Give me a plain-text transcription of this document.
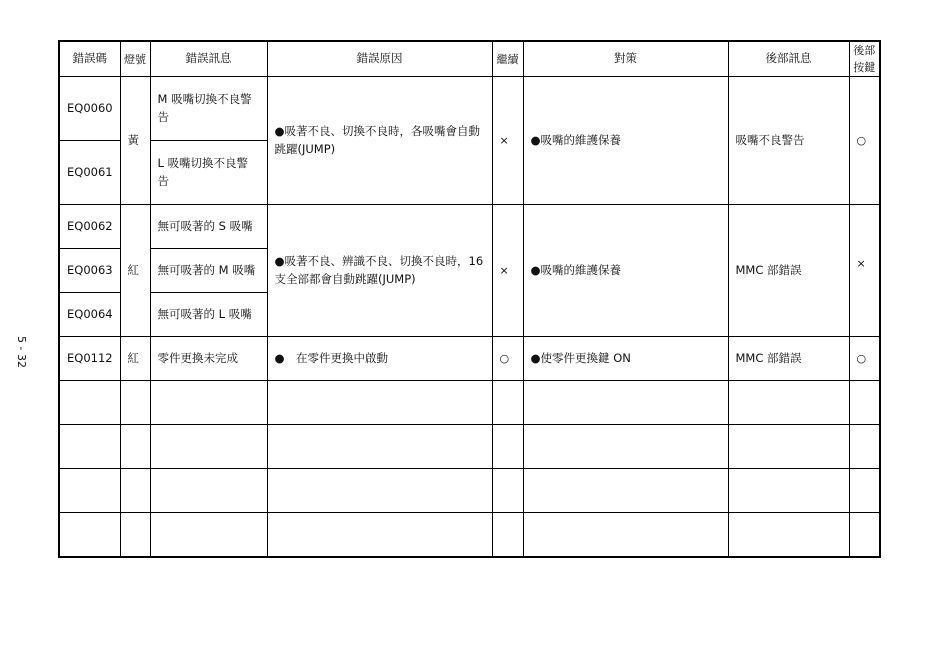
5 - 32
錯誤碼	燈號	錯誤訊息	錯誤原因	繼續	對策	後部訊息	後部按鍵
EQ0060	黃	M 吸嘴切換不良警告	●吸著不良、切換不良時，各吸嘴會自動跳躍(JUMP)	×	●吸嘴的維護保養	吸嘴不良警告	○
EQ0061		L 吸嘴切換不良警告					
EQ0062	紅	無可吸著的 S 吸嘴	●吸著不良、辨識不良、切換不良時，16 支全部都會自動跳躍(JUMP)	×	●吸嘴的維護保養	MMC 部錯誤	×
EQ0063		無可吸著的 M 吸嘴					
EQ0064		無可吸著的 L 吸嘴					
EQ0112	紅	零件更換未完成	●　在零件更換中啟動	○	●使零件更換鍵 ON	MMC 部錯誤	○
